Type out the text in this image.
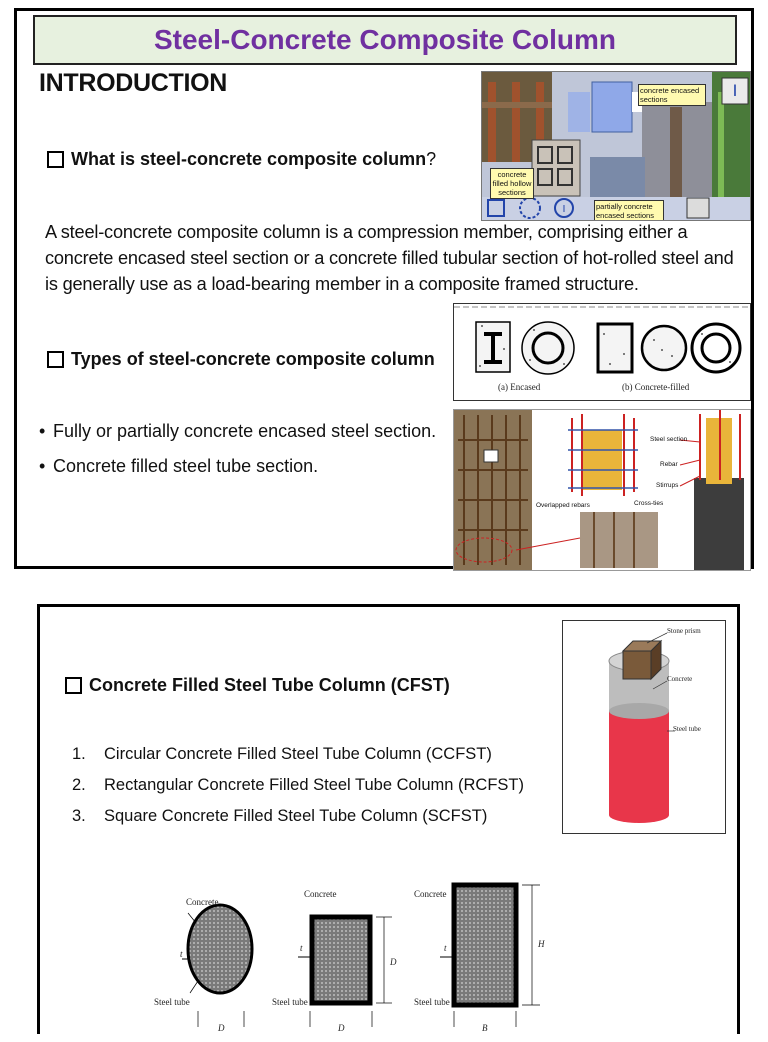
Steel-Concrete Composite Column
INTRODUCTION
What is steel-concrete composite column ?
A steel-concrete composite column is a compression member, comprising either a concrete encased steel section or a concrete filled tubular section of hot-rolled steel and is generally use as a load-bearing member in a composite framed structure.
Types of steel-concrete composite column
• Fully or partially concrete encased steel section.
• Concrete filled steel tube section.
I
I
concrete encased sections
concrete filled hollow sections
partially concrete encased sections
(a) Encased	(b) Concrete-filled
Overlapped rebars	Cross-ties
Steel section
Rebar
Stirrups
Concrete Filled Steel Tube Column (CFST)
1.	Circular Concrete Filled Steel Tube Column (CCFST)
2.	Rectangular Concrete Filled Steel Tube Column (RCFST)
3.	Square Concrete Filled Steel Tube Column (SCFST)
Stone prism
Concrete
Steel tube
Concrete
Concrete	Concrete
Steel tube	Steel tube	Steel tube
t
t	t
D
H
D	D	B
